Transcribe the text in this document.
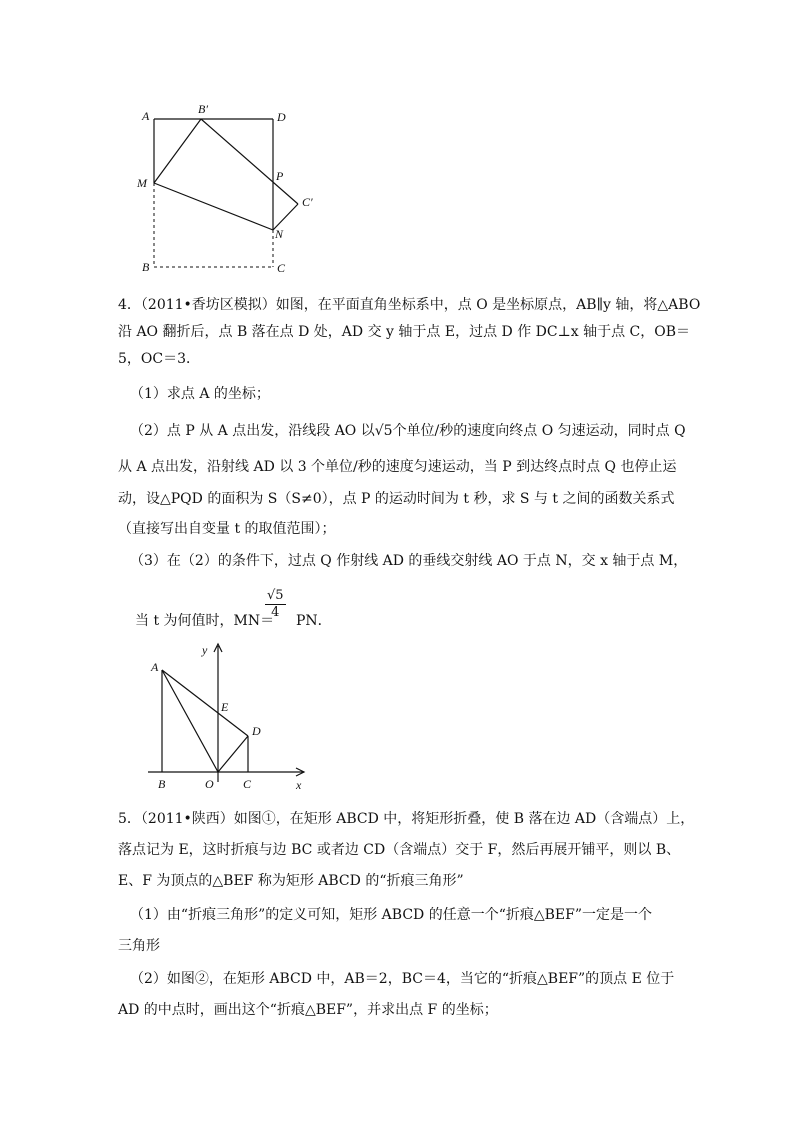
A	B′
D
M	P
C′
N
B	C
4．（2011•香坊区模拟）如图，在平面直角坐标系中，点 O 是坐标原点，AB∥y 轴，将△ABO
沿 AO 翻折后，点 B 落在点 D 处，AD 交 y 轴于点 E，过点 D 作 DC⊥x 轴于点 C，OB＝
5，OC＝3．
（1）求点 A 的坐标；
（2）点 P 从 A 点出发，沿线段 AO 以√5个单位/秒的速度向终点 O 匀速运动，同时点 Q
从 A 点出发，沿射线 AD 以 3 个单位/秒的速度匀速运动，当 P 到达终点时点 Q 也停止运
动，设△PQD 的面积为 S（S≠0），点 P 的运动时间为 t 秒，求 S 与 t 之间的函数关系式
（直接写出自变量 t 的取值范围）；
（3）在（2）的条件下，过点 Q 作射线 AD 的垂线交射线 AO 于点 N，交 x 轴于点 M，
$\frac{√5}{4}$
当 t 为何值时，MN＝ PN．
y
A
E
D
B	O C	x
5．（2011•陕西）如图①，在矩形 ABCD 中，将矩形折叠，使 B 落在边 AD（含端点）上，
落点记为 E，这时折痕与边 BC 或者边 CD（含端点）交于 F，然后再展开铺平，则以 B、
E、F 为顶点的△BEF 称为矩形 ABCD 的“折痕三角形”
（1）由“折痕三角形”的定义可知，矩形 ABCD 的任意一个“折痕△BEF”一定是一个
三角形
（2）如图②，在矩形 ABCD 中，AB＝2，BC＝4，当它的“折痕△BEF”的顶点 E 位于
AD 的中点时，画出这个“折痕△BEF”，并求出点 F 的坐标；
